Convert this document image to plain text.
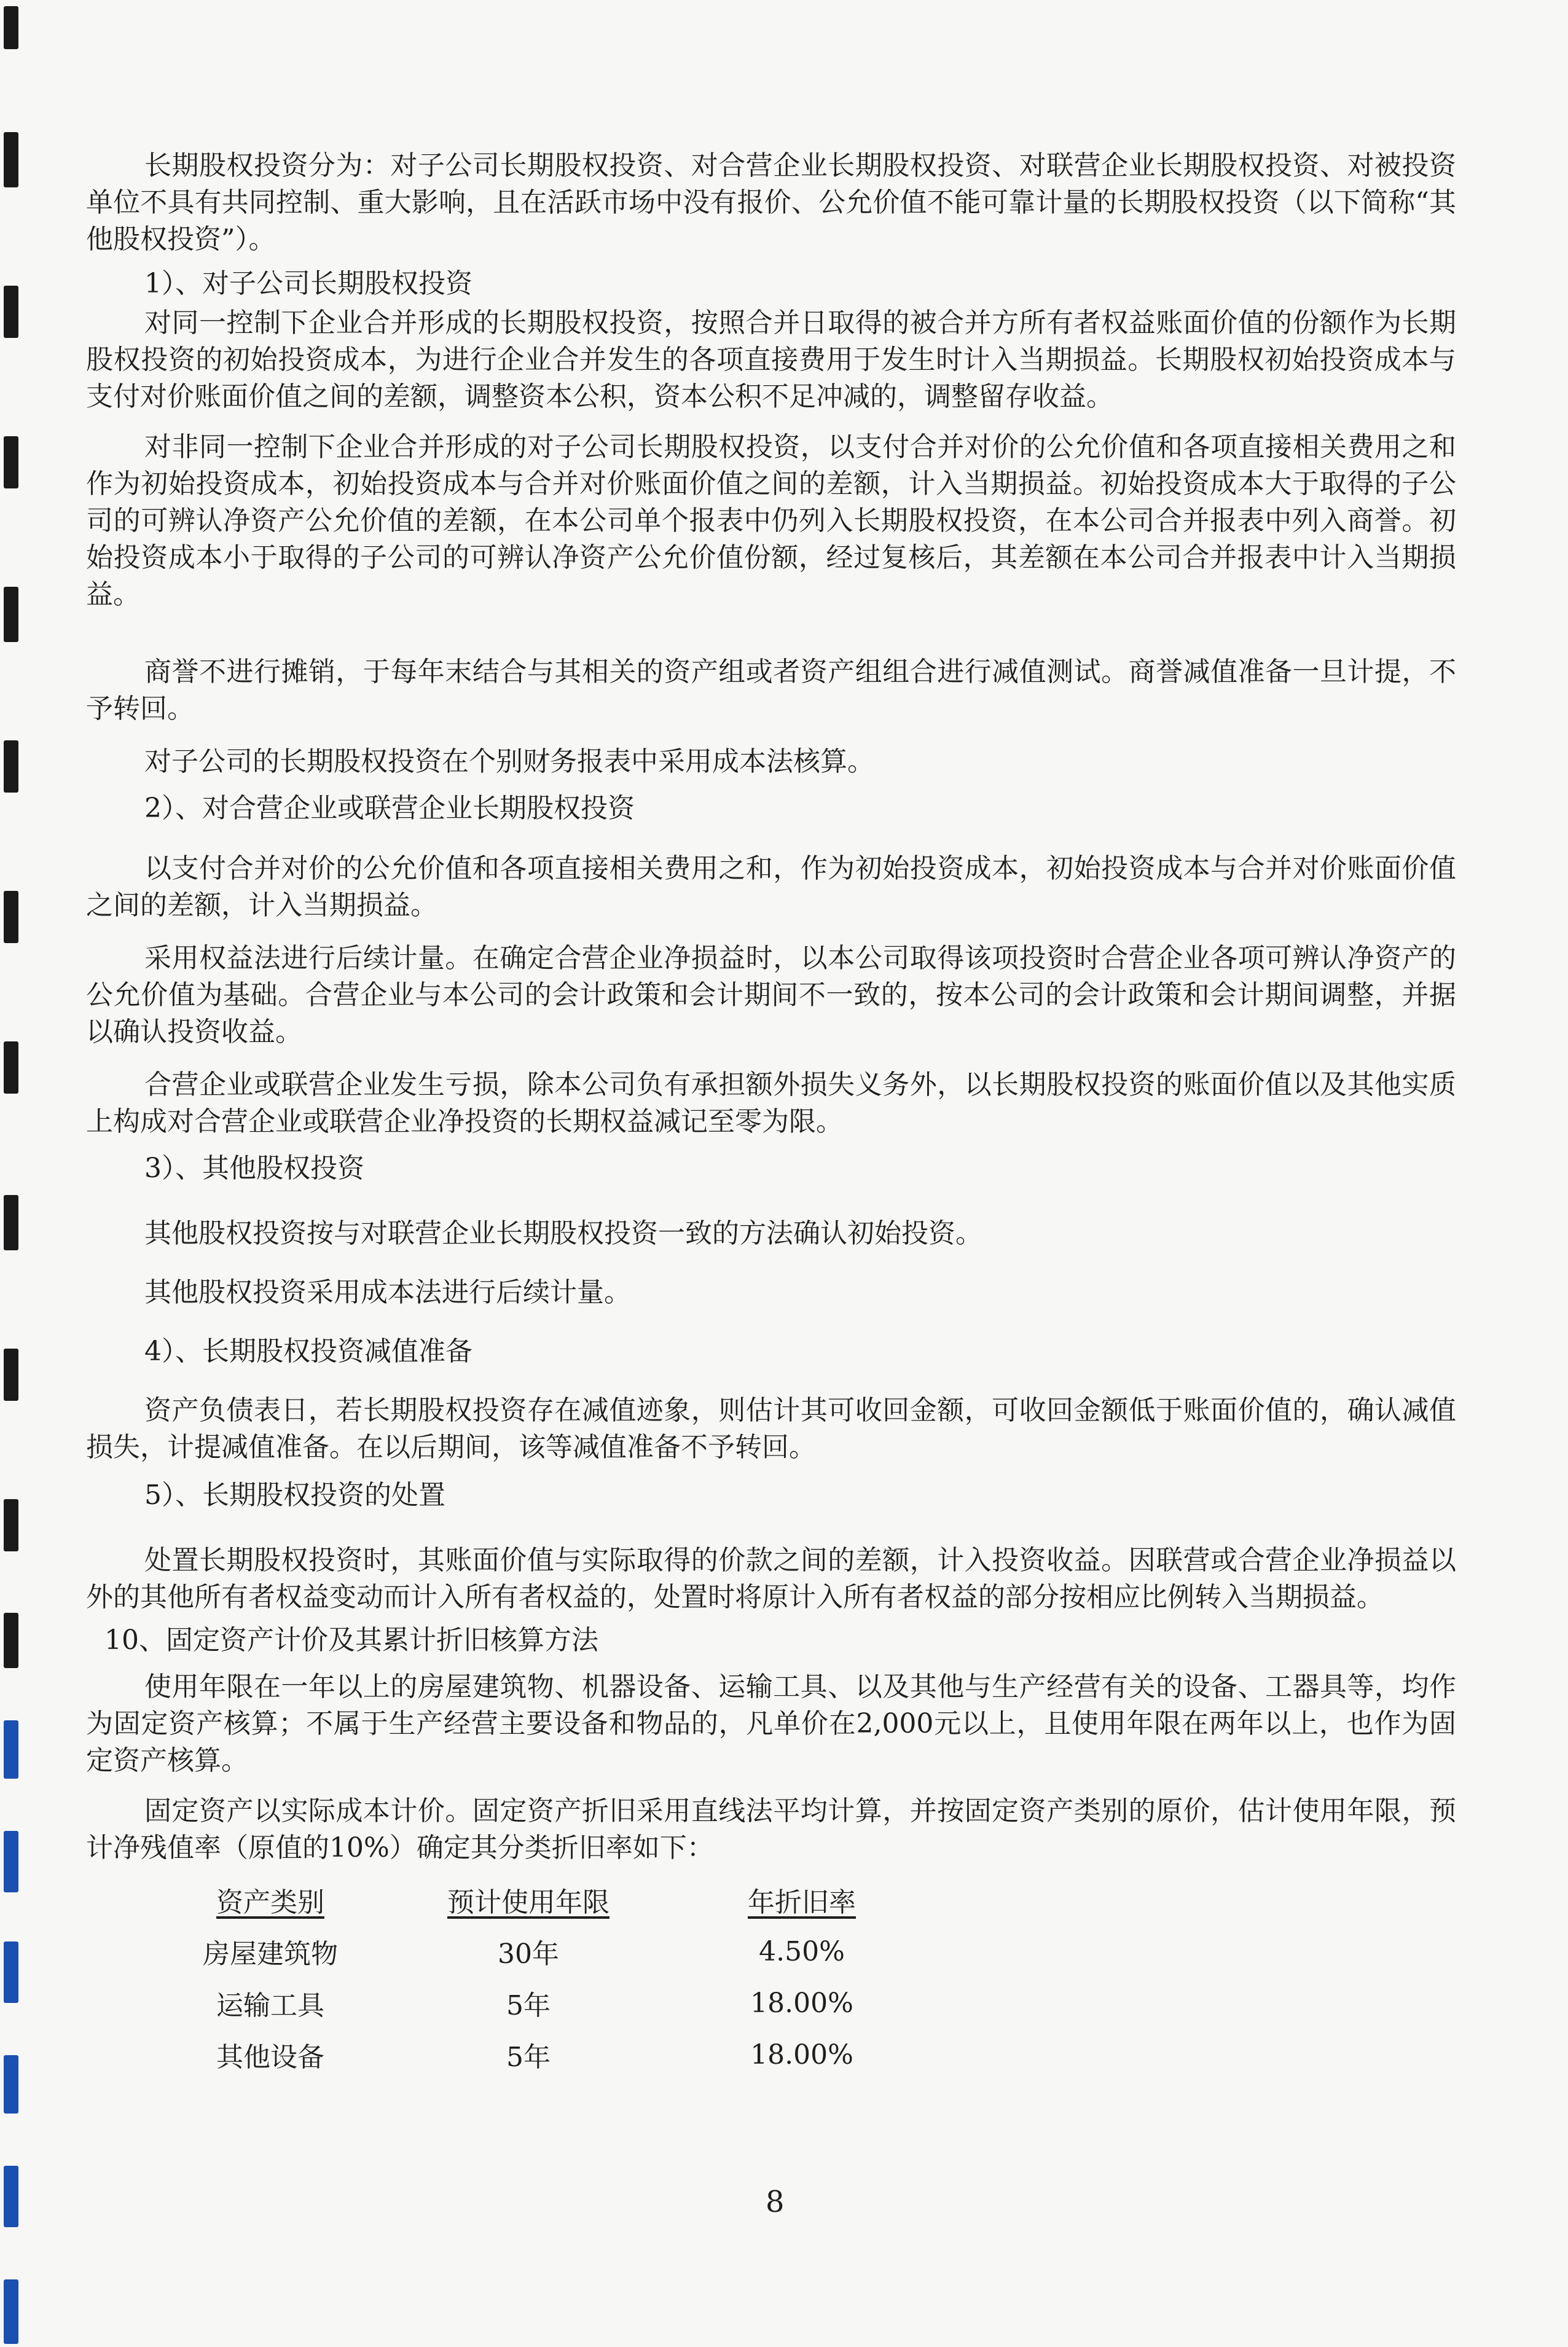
长期股权投资分为：对子公司长期股权投资、对合营企业长期股权投资、对联营企业长期股权投资、对被投资单位不具有共同控制、重大影响，且在活跃市场中没有报价、公允价值不能可靠计量的长期股权投资（以下简称“其他股权投资”）。

1）、对子公司长期股权投资

对同一控制下企业合并形成的长期股权投资，按照合并日取得的被合并方所有者权益账面价值的份额作为长期股权投资的初始投资成本，为进行企业合并发生的各项直接费用于发生时计入当期损益。长期股权初始投资成本与支付对价账面价值之间的差额，调整资本公积，资本公积不足冲减的，调整留存收益。

对非同一控制下企业合并形成的对子公司长期股权投资，以支付合并对价的公允价值和各项直接相关费用之和作为初始投资成本，初始投资成本与合并对价账面价值之间的差额，计入当期损益。初始投资成本大于取得的子公司的可辨认净资产公允价值的差额，在本公司单个报表中仍列入长期股权投资，在本公司合并报表中列入商誉。初始投资成本小于取得的子公司的可辨认净资产公允价值份额，经过复核后，其差额在本公司合并报表中计入当期损益。

商誉不进行摊销，于每年末结合与其相关的资产组或者资产组组合进行减值测试。商誉减值准备一旦计提，不予转回。

对子公司的长期股权投资在个别财务报表中采用成本法核算。

2）、对合营企业或联营企业长期股权投资

以支付合并对价的公允价值和各项直接相关费用之和，作为初始投资成本，初始投资成本与合并对价账面价值之间的差额，计入当期损益。

采用权益法进行后续计量。在确定合营企业净损益时，以本公司取得该项投资时合营企业各项可辨认净资产的公允价值为基础。合营企业与本公司的会计政策和会计期间不一致的，按本公司的会计政策和会计期间调整，并据以确认投资收益。

合营企业或联营企业发生亏损，除本公司负有承担额外损失义务外，以长期股权投资的账面价值以及其他实质上构成对合营企业或联营企业净投资的长期权益减记至零为限。

3）、其他股权投资

其他股权投资按与对联营企业长期股权投资一致的方法确认初始投资。

其他股权投资采用成本法进行后续计量。

4）、长期股权投资减值准备

资产负债表日，若长期股权投资存在减值迹象，则估计其可收回金额，可收回金额低于账面价值的，确认减值损失，计提减值准备。在以后期间，该等减值准备不予转回。

5）、长期股权投资的处置

处置长期股权投资时，其账面价值与实际取得的价款之间的差额，计入投资收益。因联营或合营企业净损益以外的其他所有者权益变动而计入所有者权益的，处置时将原计入所有者权益的部分按相应比例转入当期损益。

10、固定资产计价及其累计折旧核算方法

使用年限在一年以上的房屋建筑物、机器设备、运输工具、以及其他与生产经营有关的设备、工器具等，均作为固定资产核算；不属于生产经营主要设备和物品的，凡单价在2,000元以上，且使用年限在两年以上，也作为固定资产核算。

固定资产以实际成本计价。固定资产折旧采用直线法平均计算，并按固定资产类别的原价，估计使用年限，预计净残值率（原值的10%）确定其分类折旧率如下：

资产类别	预计使用年限	年折旧率
房屋建筑物	30年	4.50%
运输工具	5年	18.00%
其他设备	5年	18.00%
8
